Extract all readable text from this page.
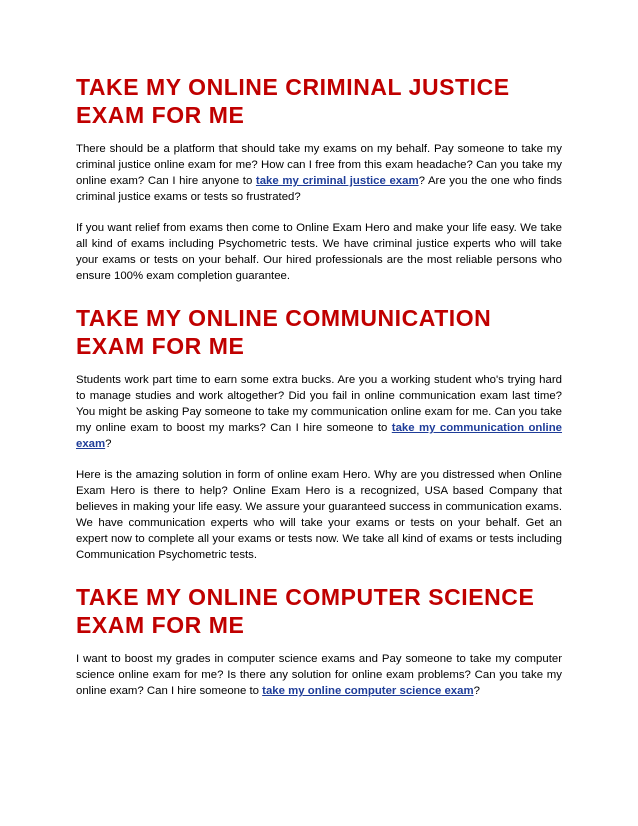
TAKE MY ONLINE CRIMINAL JUSTICE
EXAM FOR ME

There should be a platform that should take my exams on my behalf. Pay someone to take my criminal justice online exam for me? How can I free from this exam headache? Can you take my online exam? Can I hire anyone to take my criminal justice exam? Are you the one who finds criminal justice exams or tests so frustrated?

If you want relief from exams then come to Online Exam Hero and make your life easy. We take all kind of exams including Psychometric tests. We have criminal justice experts who will take your exams or tests on your behalf. Our hired professionals are the most reliable persons who ensure 100% exam completion guarantee.

TAKE MY ONLINE COMMUNICATION
EXAM FOR ME

Students work part time to earn some extra bucks. Are you a working student who's trying hard to manage studies and work altogether? Did you fail in online communication exam last time? You might be asking Pay someone to take my communication online exam for me. Can you take my online exam to boost my marks? Can I hire someone to take my communication online exam?

Here is the amazing solution in form of online exam Hero. Why are you distressed when Online Exam Hero is there to help? Online Exam Hero is a recognized, USA based Company that believes in making your life easy. We assure your guaranteed success in communication exams. We have communication experts who will take your exams or tests on your behalf. Get an expert now to complete all your exams or tests now. We take all kind of exams or tests including Communication Psychometric tests.

TAKE MY ONLINE COMPUTER SCIENCE
EXAM FOR ME

I want to boost my grades in computer science exams and Pay someone to take my computer science online exam for me? Is there any solution for online exam problems? Can you take my online exam? Can I hire someone to take my online computer science exam?
